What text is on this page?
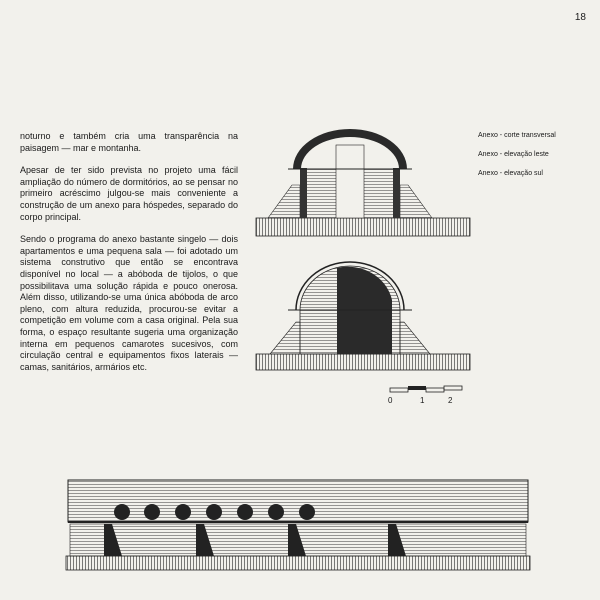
18

noturno e também cria uma transparência na paisagem — mar e montanha.

Apesar de ter sido prevista no projeto uma fácil ampliação do número de dormitórios, ao se pensar no primeiro acréscimo julgou-se mais conveniente a construção de um anexo para hóspedes, separado do corpo principal.

Sendo o programa do anexo bastante singelo — dois apartamentos e uma pequena sala — foi adotado um sistema construtivo que então se encontrava disponível no local — a abóboda de tijolos, o que possibilitava uma solução rápida e pouco onerosa. Além disso, utilizando-se uma única abóboda de arco pleno, com altura reduzida, procurou-se evitar a competição em volume com a casa original. Pela sua forma, o espaço resultante sugeria uma organização interna em pequenos camarotes sucesivos, com circulação central e equipamentos fixos laterais — camas, sanitários, armários etc.

Anexo - corte transversal

Anexo - elevação leste

Anexo - elevação sul

0	1	2
